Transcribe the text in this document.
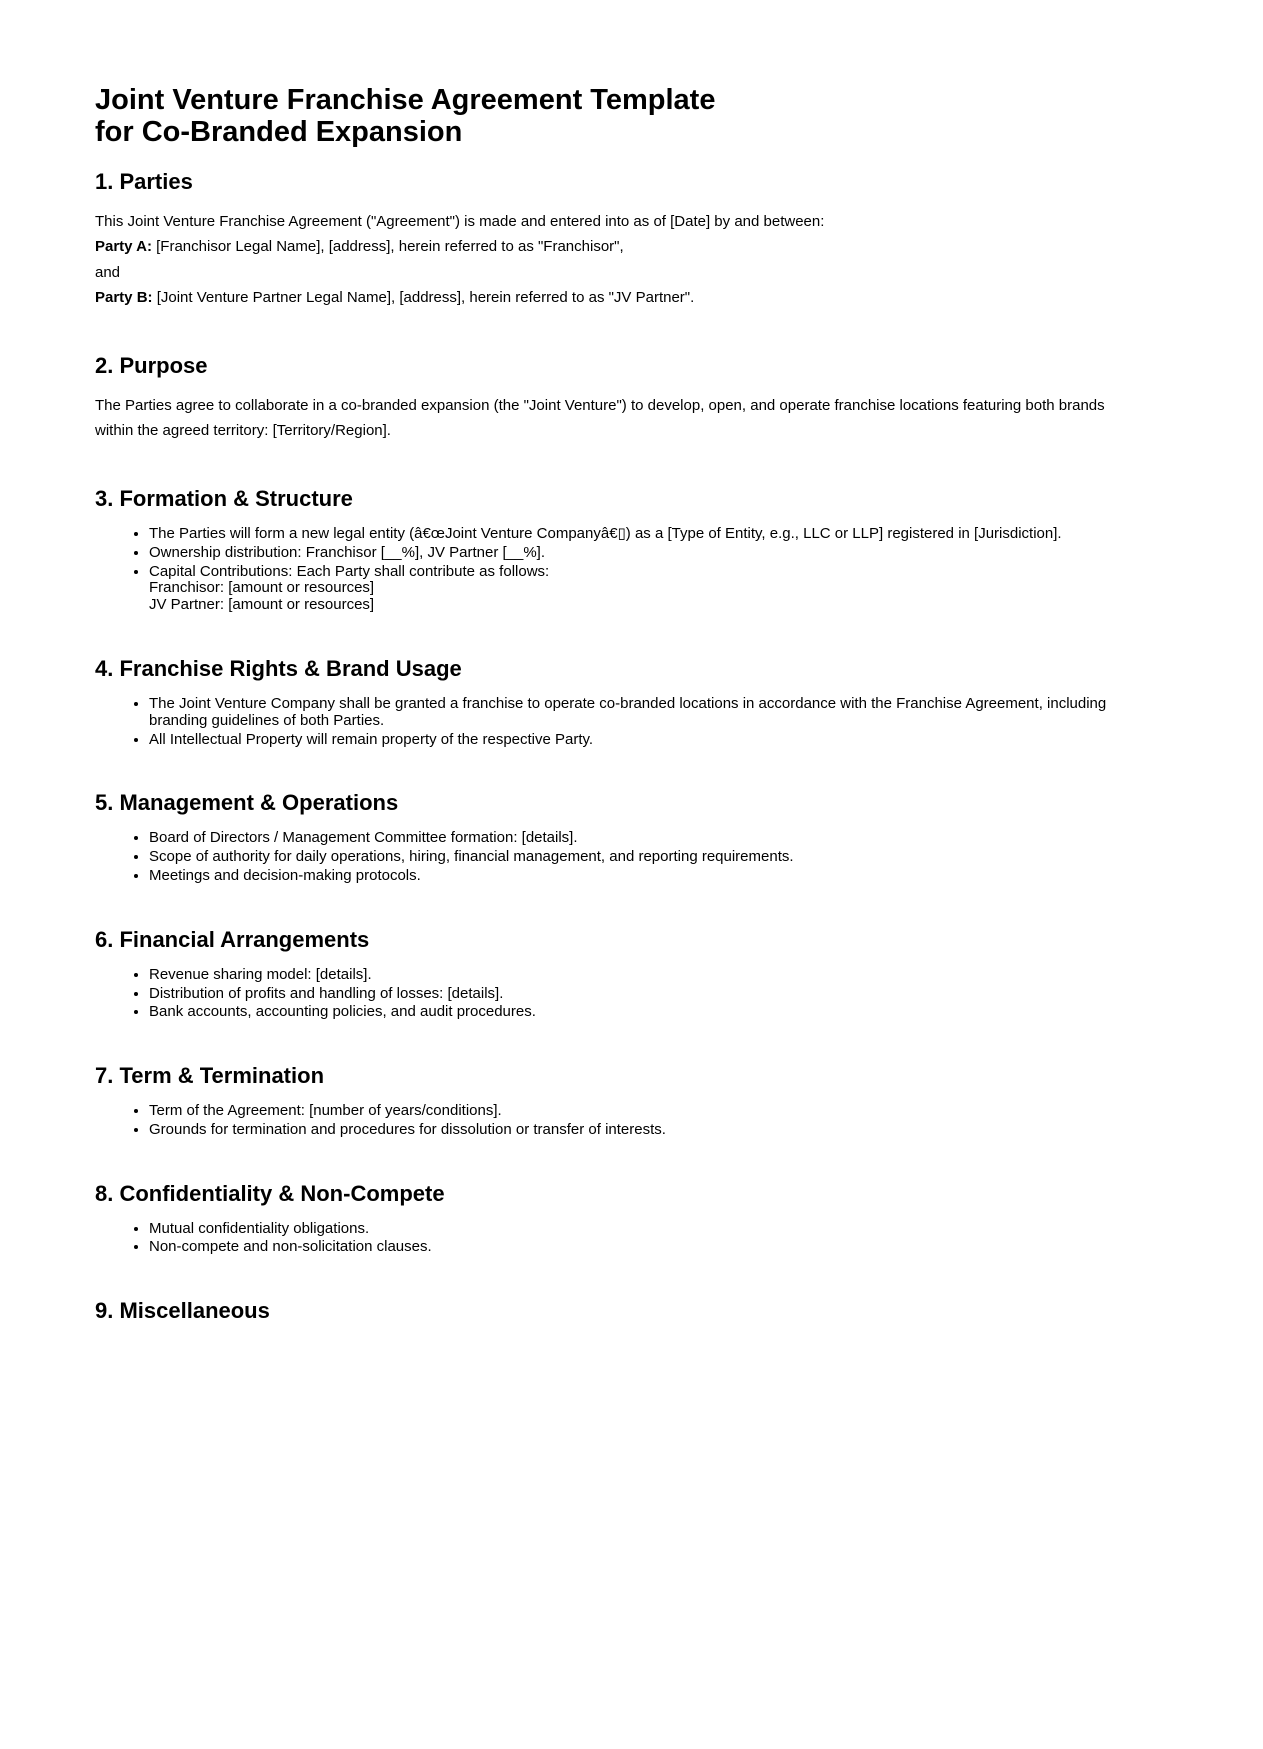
Joint Venture Franchise Agreement Template
for Co-Branded Expansion
1. Parties

This Joint Venture Franchise Agreement ("Agreement") is made and entered into as of [Date] by and between:

Party A: [Franchisor Legal Name], [address], herein referred to as "Franchisor",

and

Party B: [Joint Venture Partner Legal Name], [address], herein referred to as "JV Partner".

2. Purpose

The Parties agree to collaborate in a co-branded expansion (the "Joint Venture") to develop, open, and operate franchise locations featuring both brands within the agreed territory: [Territory/Region].

3. Formation & Structure
• The Parties will form a new legal entity (â€œJoint Venture Companyâ€▯) as a [Type of Entity, e.g., LLC or LLP] registered in [Jurisdiction].
• Ownership distribution: Franchisor [__%], JV Partner [__%].
• Capital Contributions: Each Party shall contribute as follows:
Franchisor: [amount or resources]
JV Partner: [amount or resources]
4. Franchise Rights & Brand Usage
• The Joint Venture Company shall be granted a franchise to operate co-branded locations in accordance with the Franchise Agreement, including branding guidelines of both Parties.
• All Intellectual Property will remain property of the respective Party.
5. Management & Operations
• Board of Directors / Management Committee formation: [details].
• Scope of authority for daily operations, hiring, financial management, and reporting requirements.
• Meetings and decision-making protocols.
6. Financial Arrangements
• Revenue sharing model: [details].
• Distribution of profits and handling of losses: [details].
• Bank accounts, accounting policies, and audit procedures.
7. Term & Termination
• Term of the Agreement: [number of years/conditions].
• Grounds for termination and procedures for dissolution or transfer of interests.
8. Confidentiality & Non-Compete
• Mutual confidentiality obligations.
• Non-compete and non-solicitation clauses.
9. Miscellaneous
